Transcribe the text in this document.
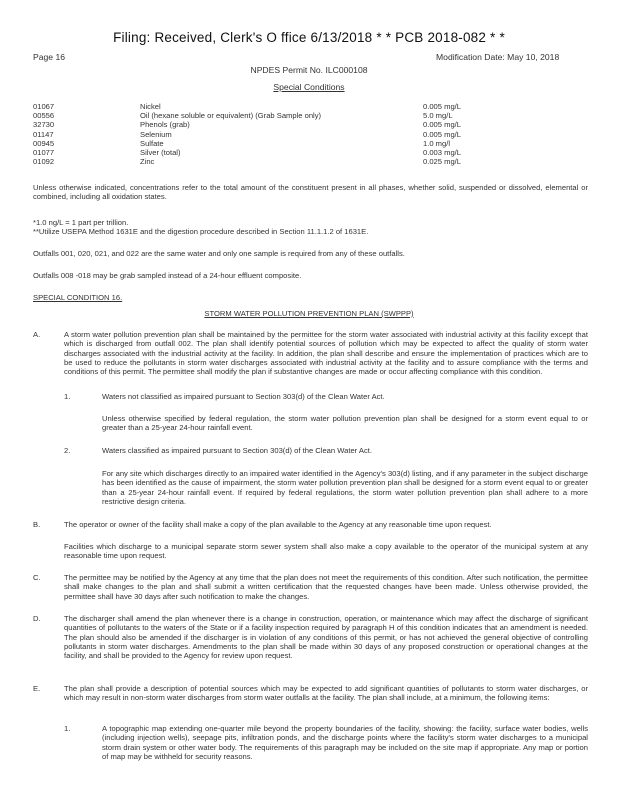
Filing: Received, Clerk's O ffice 6/13/2018 * * PCB 2018-082 * *
Page 16	Modification Date: May 10, 2018
NPDES Permit No. ILC000108
Special Conditions
01067	Nickel	0.005 mg/L
00556	Oil (hexane soluble or equivalent) (Grab Sample only)	5.0 mg/L
32730	Phenols (grab)	0.005 mg/L
01147	Selenium	0.005 mg/L
00945	Sulfate	1.0 mg/l
01077	Silver (total)	0.003 mg/L
01092	Zinc	0.025 mg/L
Unless otherwise indicated, concentrations refer to the total amount of the constituent present in all phases, whether solid, suspended or dissolved, elemental or combined, including all oxidation states.
*1.0 ng/L = 1 part per trillion.
**Utilize USEPA Method 1631E and the digestion procedure described in Section 11.1.1.2 of 1631E.
Outfalls 001, 020, 021, and 022 are the same water and only one sample is required from any of these outfalls.
Outfalls 008 -018 may be grab sampled instead of a 24-hour effluent composite.
SPECIAL CONDITION 16.
STORM WATER POLLUTION PREVENTION PLAN (SWPPP)
A.	A storm water pollution prevention plan shall be maintained by the permittee for the storm water associated with industrial activity at this facility except that which is discharged from outfall 002. The plan shall identify potential sources of pollution which may be expected to affect the quality of storm water discharges associated with the industrial activity at the facility. In addition, the plan shall describe and ensure the implementation of practices which are to be used to reduce the pollutants in storm water discharges associated with industrial activity at the facility and to assure compliance with the terms and conditions of this permit. The permittee shall modify the plan if substantive changes are made or occur affecting compliance with this condition.
1.	Waters not classified as impaired pursuant to Section 303(d) of the Clean Water Act.
Unless otherwise specified by federal regulation, the storm water pollution prevention plan shall be designed for a storm event equal to or greater than a 25-year 24-hour rainfall event.
2.	Waters classified as impaired pursuant to Section 303(d) of the Clean Water Act.
For any site which discharges directly to an impaired water identified in the Agency's 303(d) listing, and if any parameter in the subject discharge has been identified as the cause of impairment, the storm water pollution prevention plan shall be designed for a storm event equal to or greater than a 25-year 24-hour rainfall event. If required by federal regulations, the storm water pollution prevention plan shall adhere to a more restrictive design criteria.
B.	The operator or owner of the facility shall make a copy of the plan available to the Agency at any reasonable time upon request.
Facilities which discharge to a municipal separate storm sewer system shall also make a copy available to the operator of the municipal system at any reasonable time upon request.
C.	The permittee may be notified by the Agency at any time that the plan does not meet the requirements of this condition. After such notification, the permittee shall make changes to the plan and shall submit a written certification that the requested changes have been made. Unless otherwise provided, the permittee shall have 30 days after such notification to make the changes.
D.	The discharger shall amend the plan whenever there is a change in construction, operation, or maintenance which may affect the discharge of significant quantities of pollutants to the waters of the State or if a facility inspection required by paragraph H of this condition indicates that an amendment is needed. The plan should also be amended if the discharger is in violation of any conditions of this permit, or has not achieved the general objective of controlling pollutants in storm water discharges. Amendments to the plan shall be made within 30 days of any proposed construction or operational changes at the facility, and shall be provided to the Agency for review upon request.
E.	The plan shall provide a description of potential sources which may be expected to add significant quantities of pollutants to storm water discharges, or which may result in non-storm water discharges from storm water outfalls at the facility. The plan shall include, at a minimum, the following items:
1.	A topographic map extending one-quarter mile beyond the property boundaries of the facility, showing: the facility, surface water bodies, wells (including injection wells), seepage pits, infiltration ponds, and the discharge points where the facility's storm water discharges to a municipal storm drain system or other water body. The requirements of this paragraph may be included on the site map if appropriate. Any map or portion of map may be withheld for security reasons.
